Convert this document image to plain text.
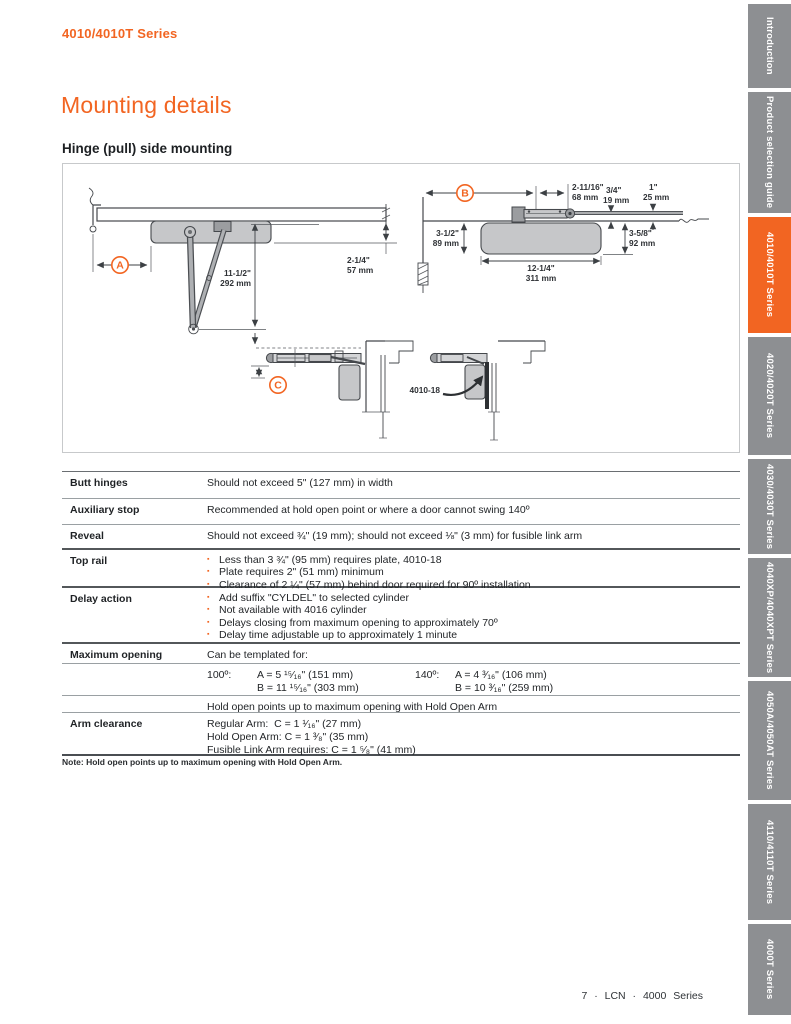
4010/4010T Series
Mounting details
Hinge (pull) side mounting
A	2-1/4"
57 mm
11-1/2"
292 mm
B
2-11/16"
68 mm
3/4"
19 mm
1"
25 mm
3-1/2"
89 mm
3-5/8"
92 mm
12-1/4"
311 mm
C	4010-18
Butt hinges	Should not exceed 5" (127 mm) in width
Auxiliary stop	Recommended at hold open point or where a door cannot swing 140º
Reveal	Should not exceed ¾" (19 mm); should not exceed ⅛" (3 mm) for fusible link arm
Top rail	▪ Less than 3 ¾" (95 mm) requires plate, 4010-18
▪ Plate requires 2" (51 mm) minimum
▪ Clearance of 2 ¼" (57 mm) behind door required for 90º installation
Delay action	▪ Add suffix "CYLDEL" to selected cylinder
▪ Not available with 4016 cylinder
▪ Delays closing from maximum opening to approximately 70º
▪ Delay time adjustable up to approximately 1 minute
Maximum opening	Can be templated for:
100º:	A = 5 ¹⁵⁄₁₆" (151 mm)
B = 11 ¹⁵⁄₁₆" (303 mm)
140º:	A = 4 ³⁄₁₆" (106 mm)
B = 10 ³⁄₁₆" (259 mm)
Hold open points up to maximum opening with Hold Open Arm
Arm clearance	Regular Arm:  C = 1 ¹⁄₁₆" (27 mm)
Hold Open Arm: C = 1 ³⁄₈" (35 mm)
Fusible Link Arm requires: C = 1 ⁵⁄₈" (41 mm)
Note: Hold open points up to maximum opening with Hold Open Arm.
7 · LCN · 4000 Series
Introduction
Product selection guide
4010/4010T Series
4020/4020T Series
4030/4030T Series
4040XP/4040XPT Series
4050A/4050AT Series
4110/4110T Series
4000T Series
